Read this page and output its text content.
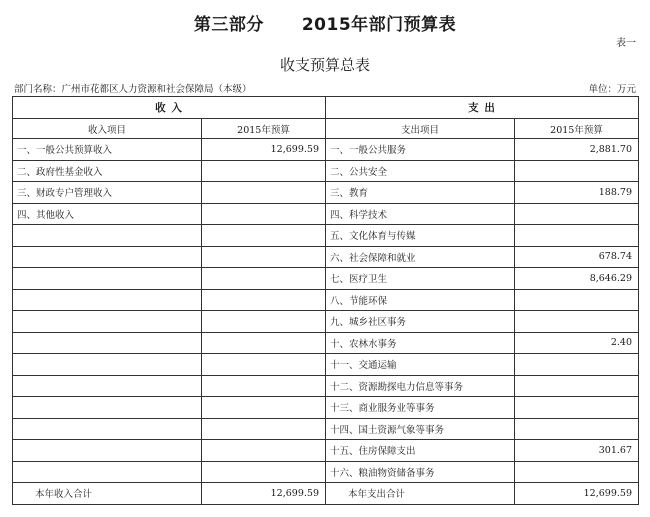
第三部分 2015年部门预算表
表一
收支预算总表
部门名称：广州市花都区人力资源和社会保障局（本级）	单位：万元
收 入		支 出	
收入项目	2015年预算	支出项目	2015年预算
一、一般公共预算收入	12,699.59	一、一般公共服务	2,881.70
二、政府性基金收入		二、公共安全	
三、财政专户管理收入		三、教育	188.79
四、其他收入		四、科学技术	
		五、文化体育与传媒	
		六、社会保障和就业	678.74
		七、医疗卫生	8,646.29
		八、节能环保	
		九、城乡社区事务	
		十、农林水事务	2.40
		十一、交通运输	
		十二、资源勘探电力信息等事务	
		十三、商业服务业等事务	
		十四、国土资源气象等事务	
		十五、住房保障支出	301.67
		十六、粮油物资储备事务	
本年收入合计	12,699.59	本年支出合计	12,699.59
